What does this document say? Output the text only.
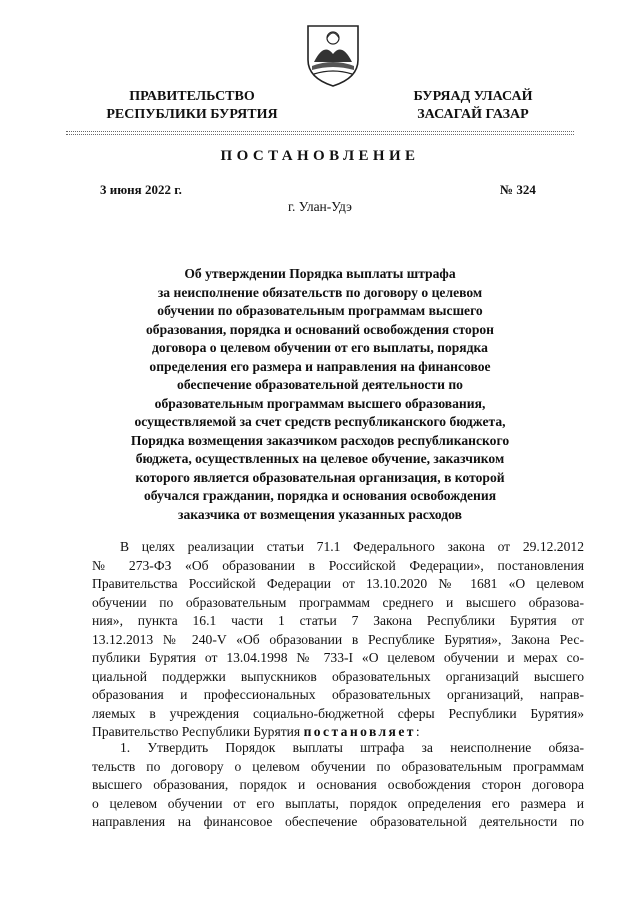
ПРАВИТЕЛЬСТВО
РЕСПУБЛИКИ БУРЯТИЯ
БУРЯАД УЛАСАЙ
ЗАСАГАЙ ГАЗАР
ПОСТАНОВЛЕНИЕ
3 июня 2022 г.	№ 324
г. Улан-Удэ
Об утверждении Порядка выплаты штрафа
за неисполнение обязательств по договору о целевом
обучении по образовательным программам высшего
образования, порядка и оснований освобождения сторон
договора о целевом обучении от его выплаты, порядка
определения его размера и направления на финансовое
обеспечение образовательной деятельности по
образовательным программам высшего образования,
осуществляемой за счет средств республиканского бюджета,
Порядка возмещения заказчиком расходов республиканского
бюджета, осуществленных на целевое обучение, заказчиком
которого является образовательная организация, в которой
обучался гражданин, порядка и основания освобождения
заказчика от возмещения указанных расходов
В целях реализации статьи 71.1 Федерального закона от 29.12.2012
№ 273-ФЗ «Об образовании в Российской Федерации», постановления
Правительства Российской Федерации от 13.10.2020 № 1681 «О целевом
обучении по образовательным программам среднего и высшего образова-
ния», пункта 16.1 части 1 статьи 7 Закона Республики Бурятия от
13.12.2013 № 240-V «Об образовании в Республике Бурятия», Закона Рес-
публики Бурятия от 13.04.1998 № 733-I «О целевом обучении и мерах со-
циальной поддержки выпускников образовательных организаций высшего
образования и профессиональных образовательных организаций, направ-
ляемых в учреждения социально-бюджетной сферы Республики Бурятия»
Правительство Республики Бурятия постановляет:
1. Утвердить Порядок выплаты штрафа за неисполнение обяза-
тельств по договору о целевом обучении по образовательным программам
высшего образования, порядок и основания освобождения сторон договора
о целевом обучении от его выплаты, порядок определения его размера и
направления на финансовое обеспечение образовательной деятельности по
